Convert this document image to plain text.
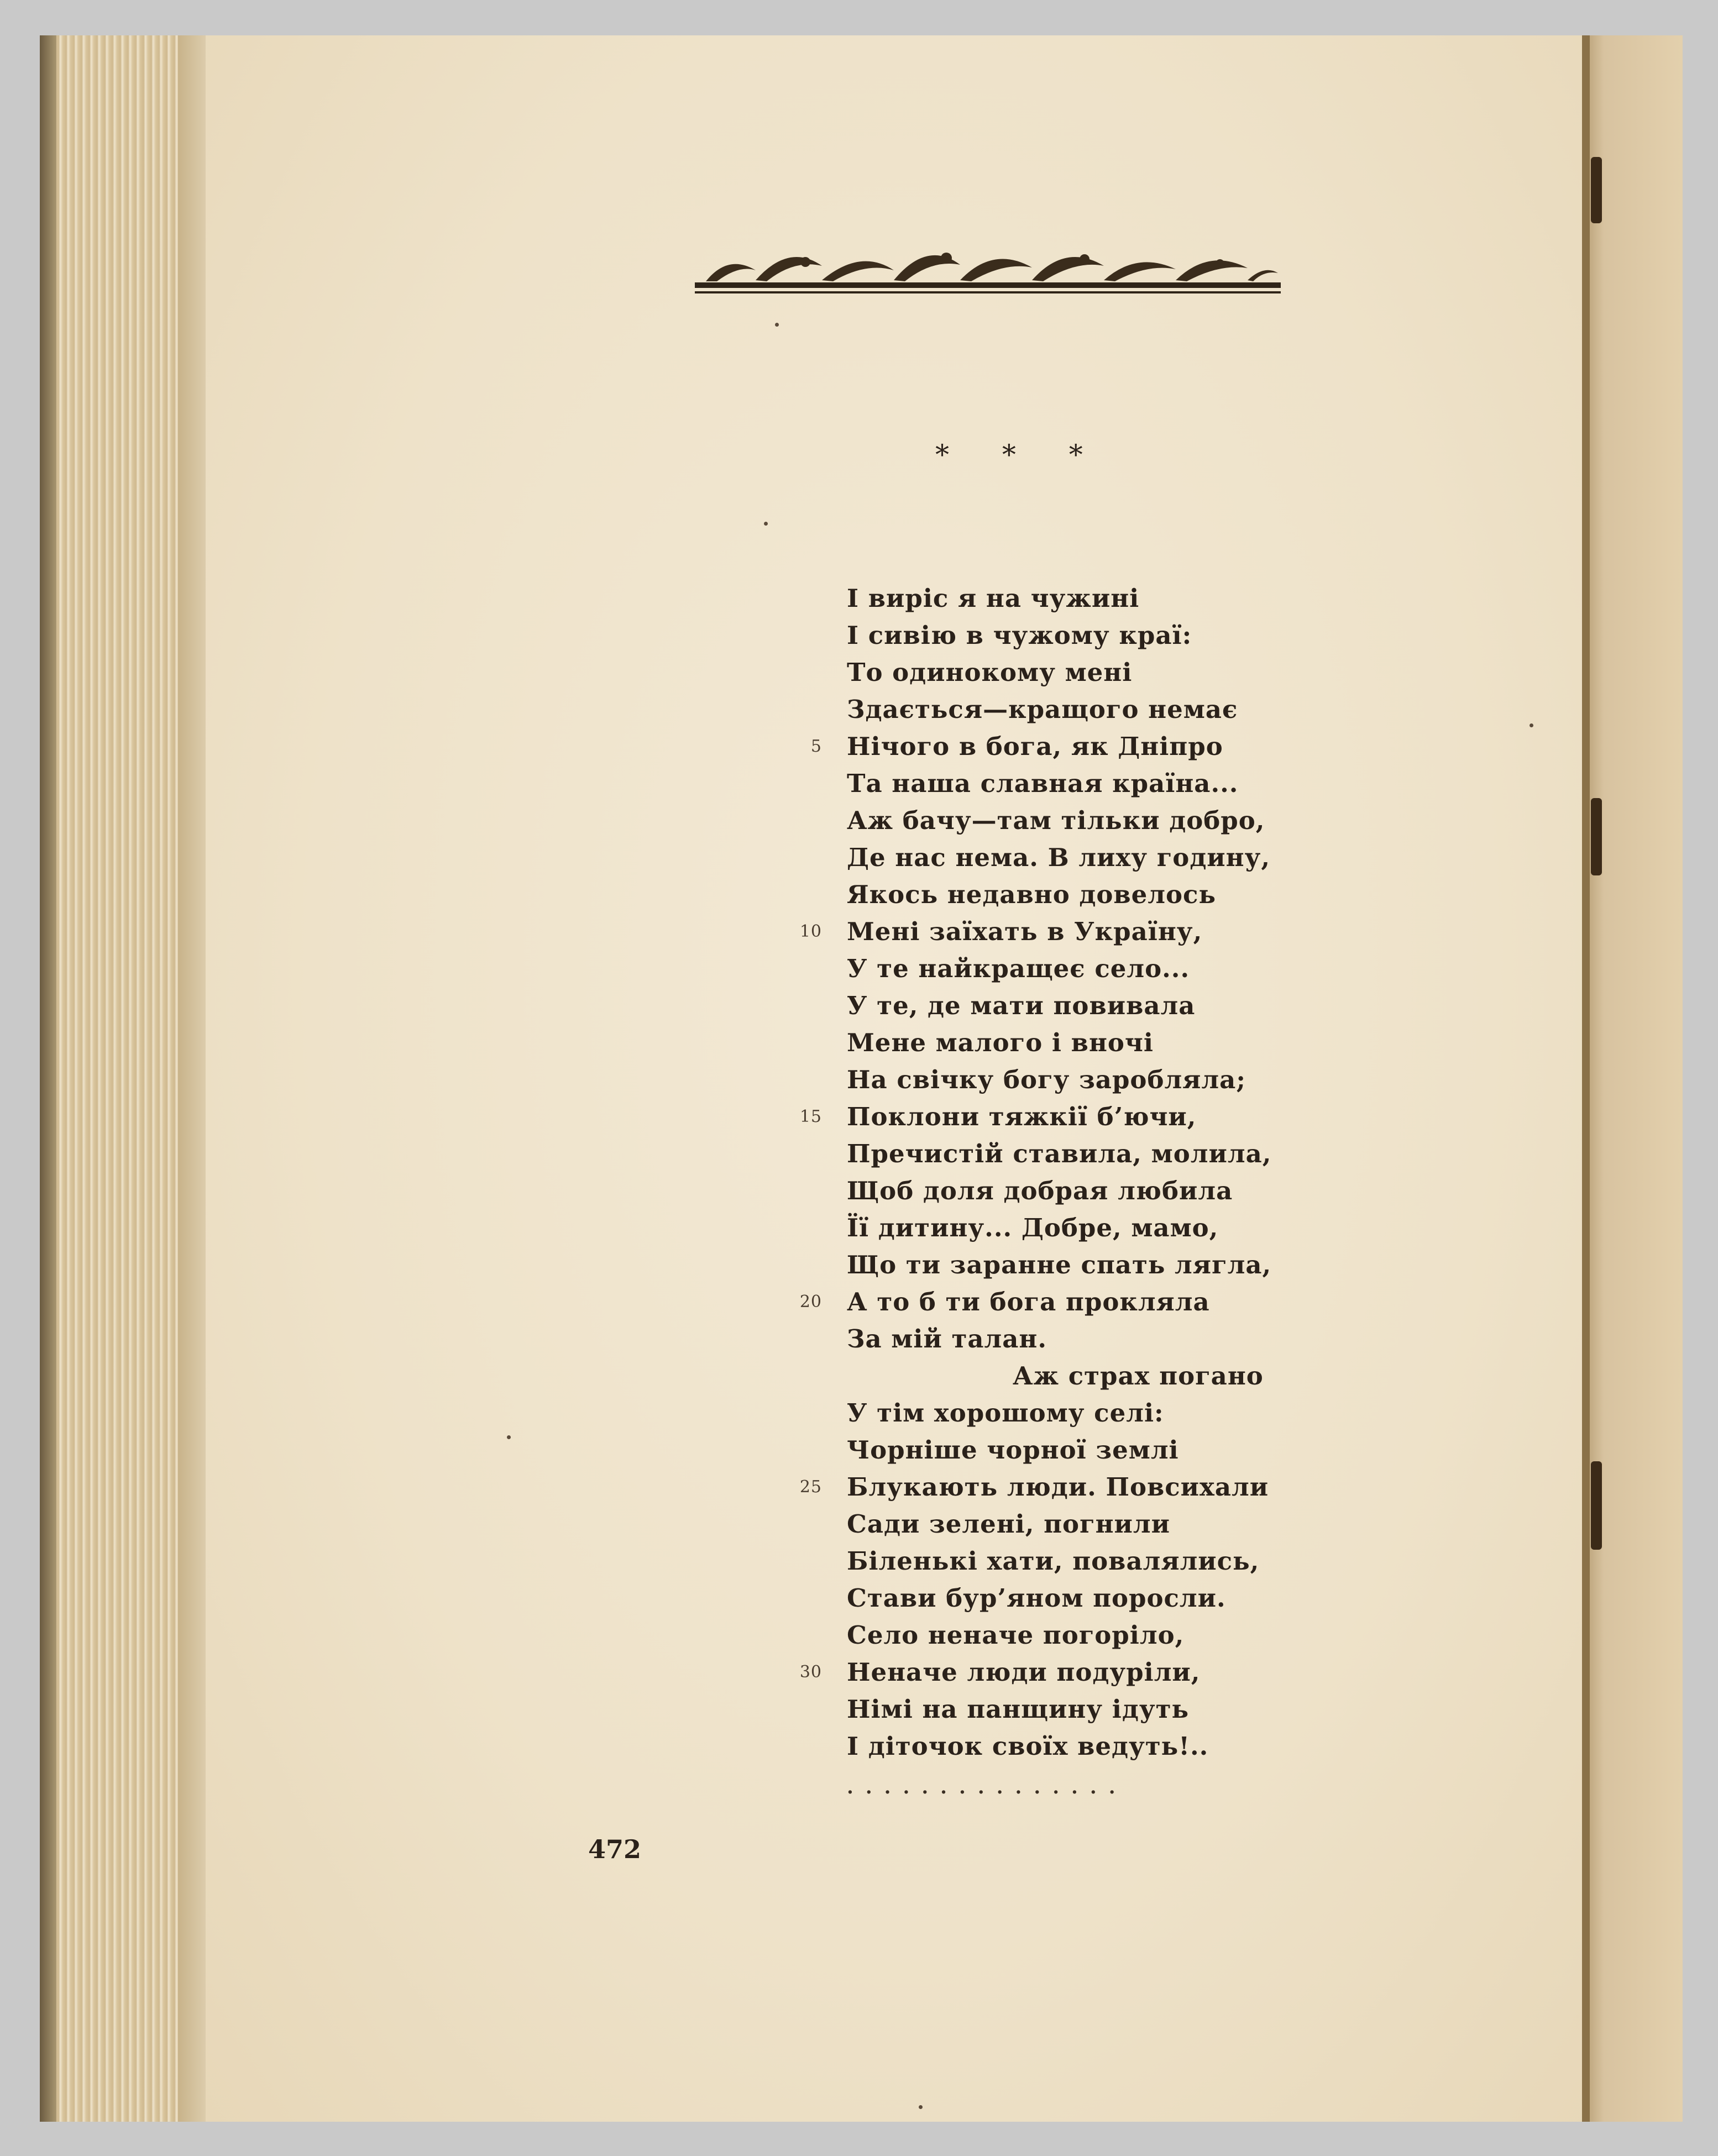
* * *
І виріс я на чужині
І сивію в чужому краї:
То одинокому мені
Здається—кращого немає
5 Нічого в бога, як Дніпро
Та наша славная країна...
Аж бачу—там тільки добро,
Де нас нема. В лиху годину,
Якось недавно довелось
10 Мені заїхать в Україну,
У те найкращеє село...
У те, де мати повивала
Мене малого і вночі
На свічку богу заробляла;
15 Поклони тяжкії б’ючи,
Пречистій ставила, молила,
Щоб доля добрая любила
Її дитину... Добре, мамо,
Що ти заранне спать лягла,
20 А то б ти бога прокляла
За мій талан.
Аж страх погано
У тім хорошому селі:
Чорніше чорної землі
25 Блукають люди. Повсихали
Сади зелені, погнили
Біленькі хати, повалялись,
Стави бур’яном поросли.
Село неначе погоріло,
30 Неначе люди подуріли,
Німі на панщину ідуть
І діточок своїх ведуть!..
...............
472
